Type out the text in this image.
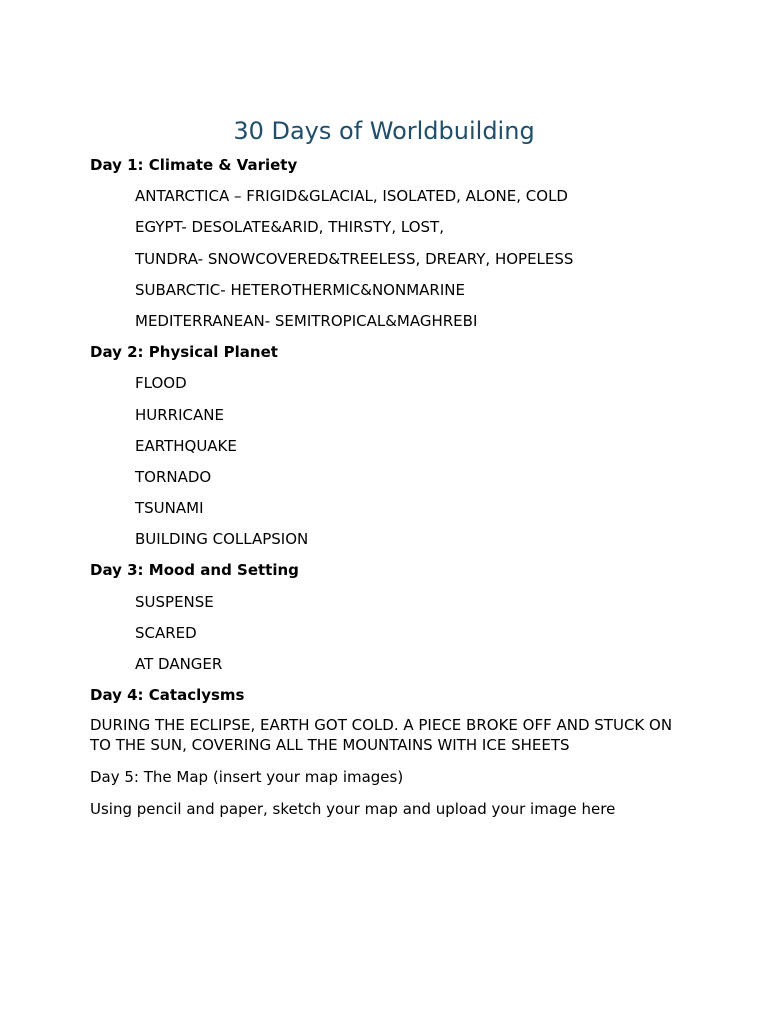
30 Days of Worldbuilding
Day 1: Climate & Variety
ANTARCTICA – FRIGID&GLACIAL, ISOLATED, ALONE, COLD
EGYPT- DESOLATE&ARID, THIRSTY, LOST,
TUNDRA- SNOWCOVERED&TREELESS, DREARY, HOPELESS
SUBARCTIC- HETEROTHERMIC&NONMARINE
MEDITERRANEAN- SEMITROPICAL&MAGHREBI
Day 2: Physical Planet
FLOOD
HURRICANE
EARTHQUAKE
TORNADO
TSUNAMI
BUILDING COLLAPSION
Day 3: Mood and Setting
SUSPENSE
SCARED
AT DANGER
Day 4: Cataclysms
DURING THE ECLIPSE, EARTH GOT COLD. A PIECE BROKE OFF AND STUCK ON TO THE SUN, COVERING ALL THE MOUNTAINS WITH ICE SHEETS
Day 5: The Map (insert your map images)
Using pencil and paper, sketch your map and upload your image here
